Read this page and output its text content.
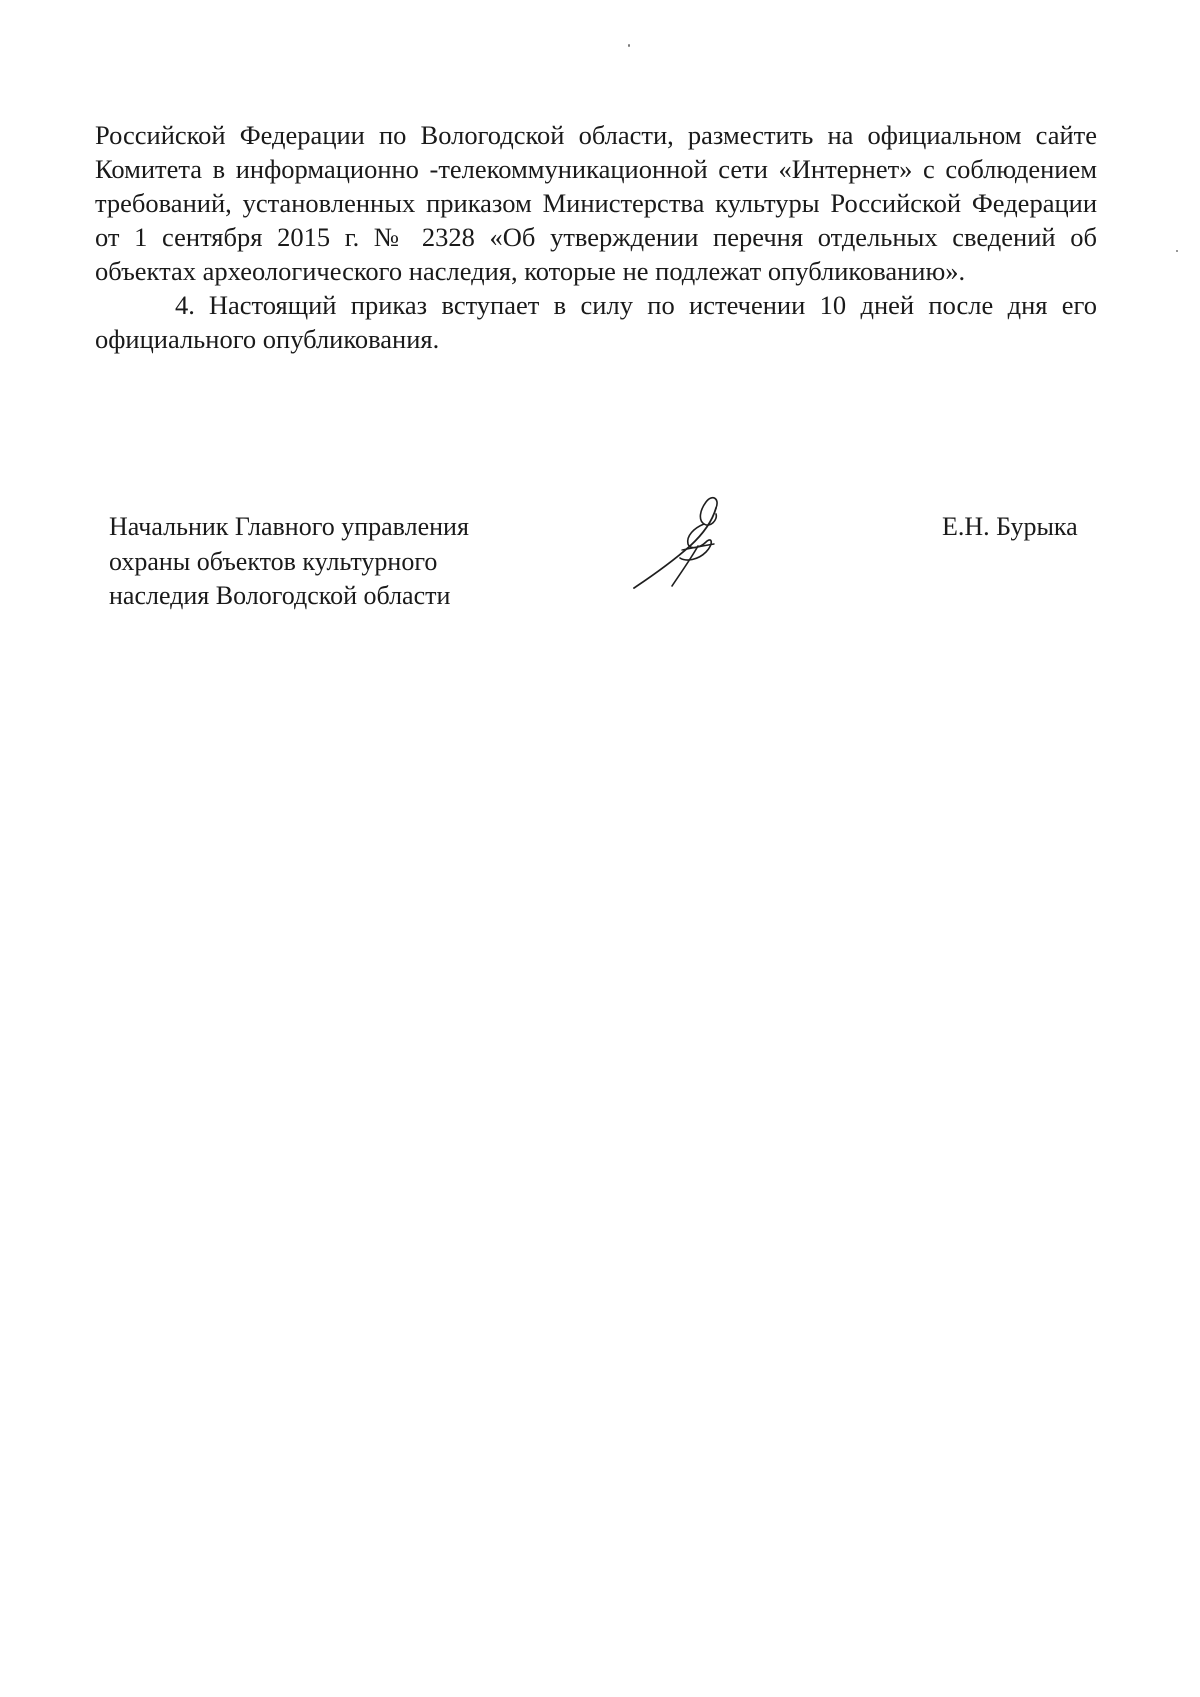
Российской Федерации по Вологодской области, разместить на официальном сайте Комитета в информационно -телекоммуникационной сети «Интернет» с соблюдением требований, установленных приказом Министерства культуры Российской Федерации от 1 сентября 2015 г. № 2328 «Об утверждении перечня отдельных сведений об объектах археологического наследия, которые не подлежат опубликованию».

4. Настоящий приказ вступает в силу по истечении 10 дней после дня его официального опубликования.

Начальник Главного управления
охраны объектов культурного
наследия Вологодской области
Е.Н. Бурыка
